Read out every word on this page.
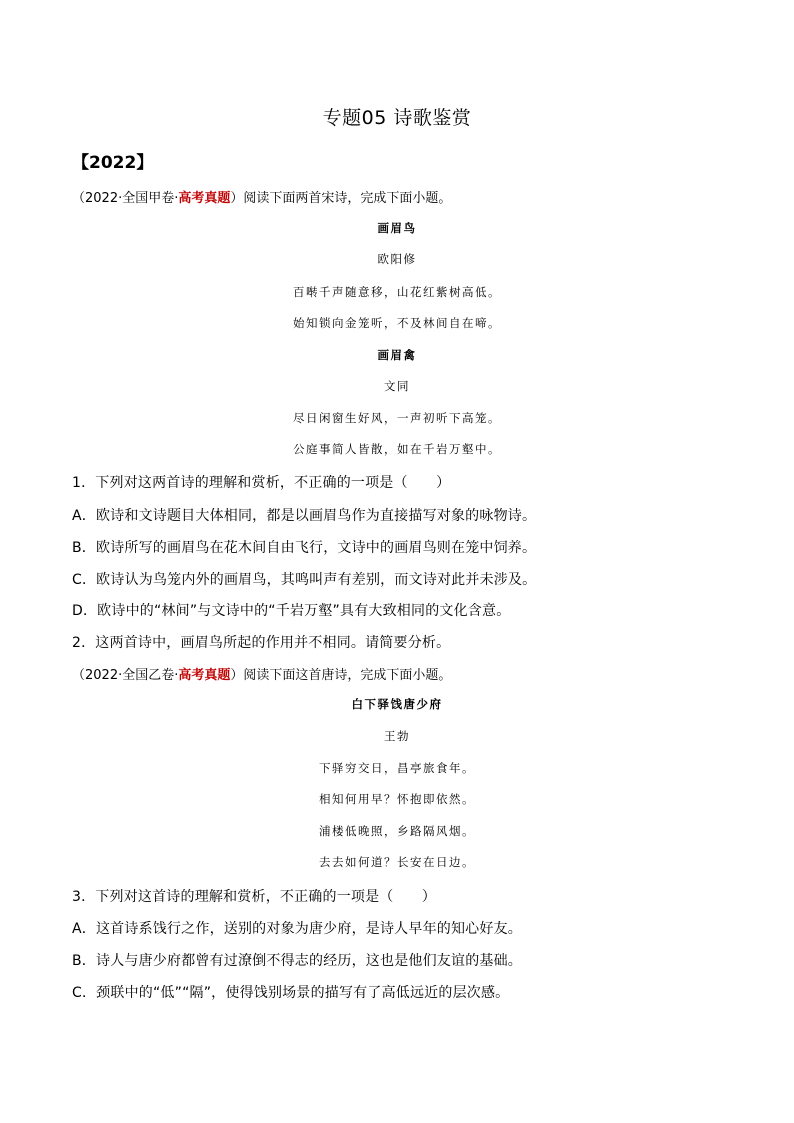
专题05 诗歌鉴赏
【2022】
（2022·全国甲卷·高考真题）阅读下面两首宋诗，完成下面小题。
画眉鸟
欧阳修
百啭千声随意移，山花红紫树高低。
始知锁向金笼听，不及林间自在啼。
画眉禽
文同
尽日闲窗生好风，一声初听下高笼。
公庭事简人皆散，如在千岩万壑中。
1．下列对这两首诗的理解和赏析，不正确的一项是（　　）
A．欧诗和文诗题目大体相同，都是以画眉鸟作为直接描写对象的咏物诗。
B．欧诗所写的画眉鸟在花木间自由飞行，文诗中的画眉鸟则在笼中饲养。
C．欧诗认为鸟笼内外的画眉鸟，其鸣叫声有差别，而文诗对此并未涉及。
D．欧诗中的“林间”与文诗中的“千岩万壑”具有大致相同的文化含意。
2．这两首诗中，画眉鸟所起的作用并不相同。请简要分析。
（2022·全国乙卷·高考真题）阅读下面这首唐诗，完成下面小题。
白下驿饯唐少府
王勃
下驿穷交日，昌亭旅食年。
相知何用早？怀抱即依然。
浦楼低晚照，乡路隔风烟。
去去如何道？长安在日边。
3．下列对这首诗的理解和赏析，不正确的一项是（　　）
A．这首诗系饯行之作，送别的对象为唐少府，是诗人早年的知心好友。
B．诗人与唐少府都曾有过潦倒不得志的经历，这也是他们友谊的基础。
C．颈联中的“低”“隔”，使得饯别场景的描写有了高低远近的层次感。
